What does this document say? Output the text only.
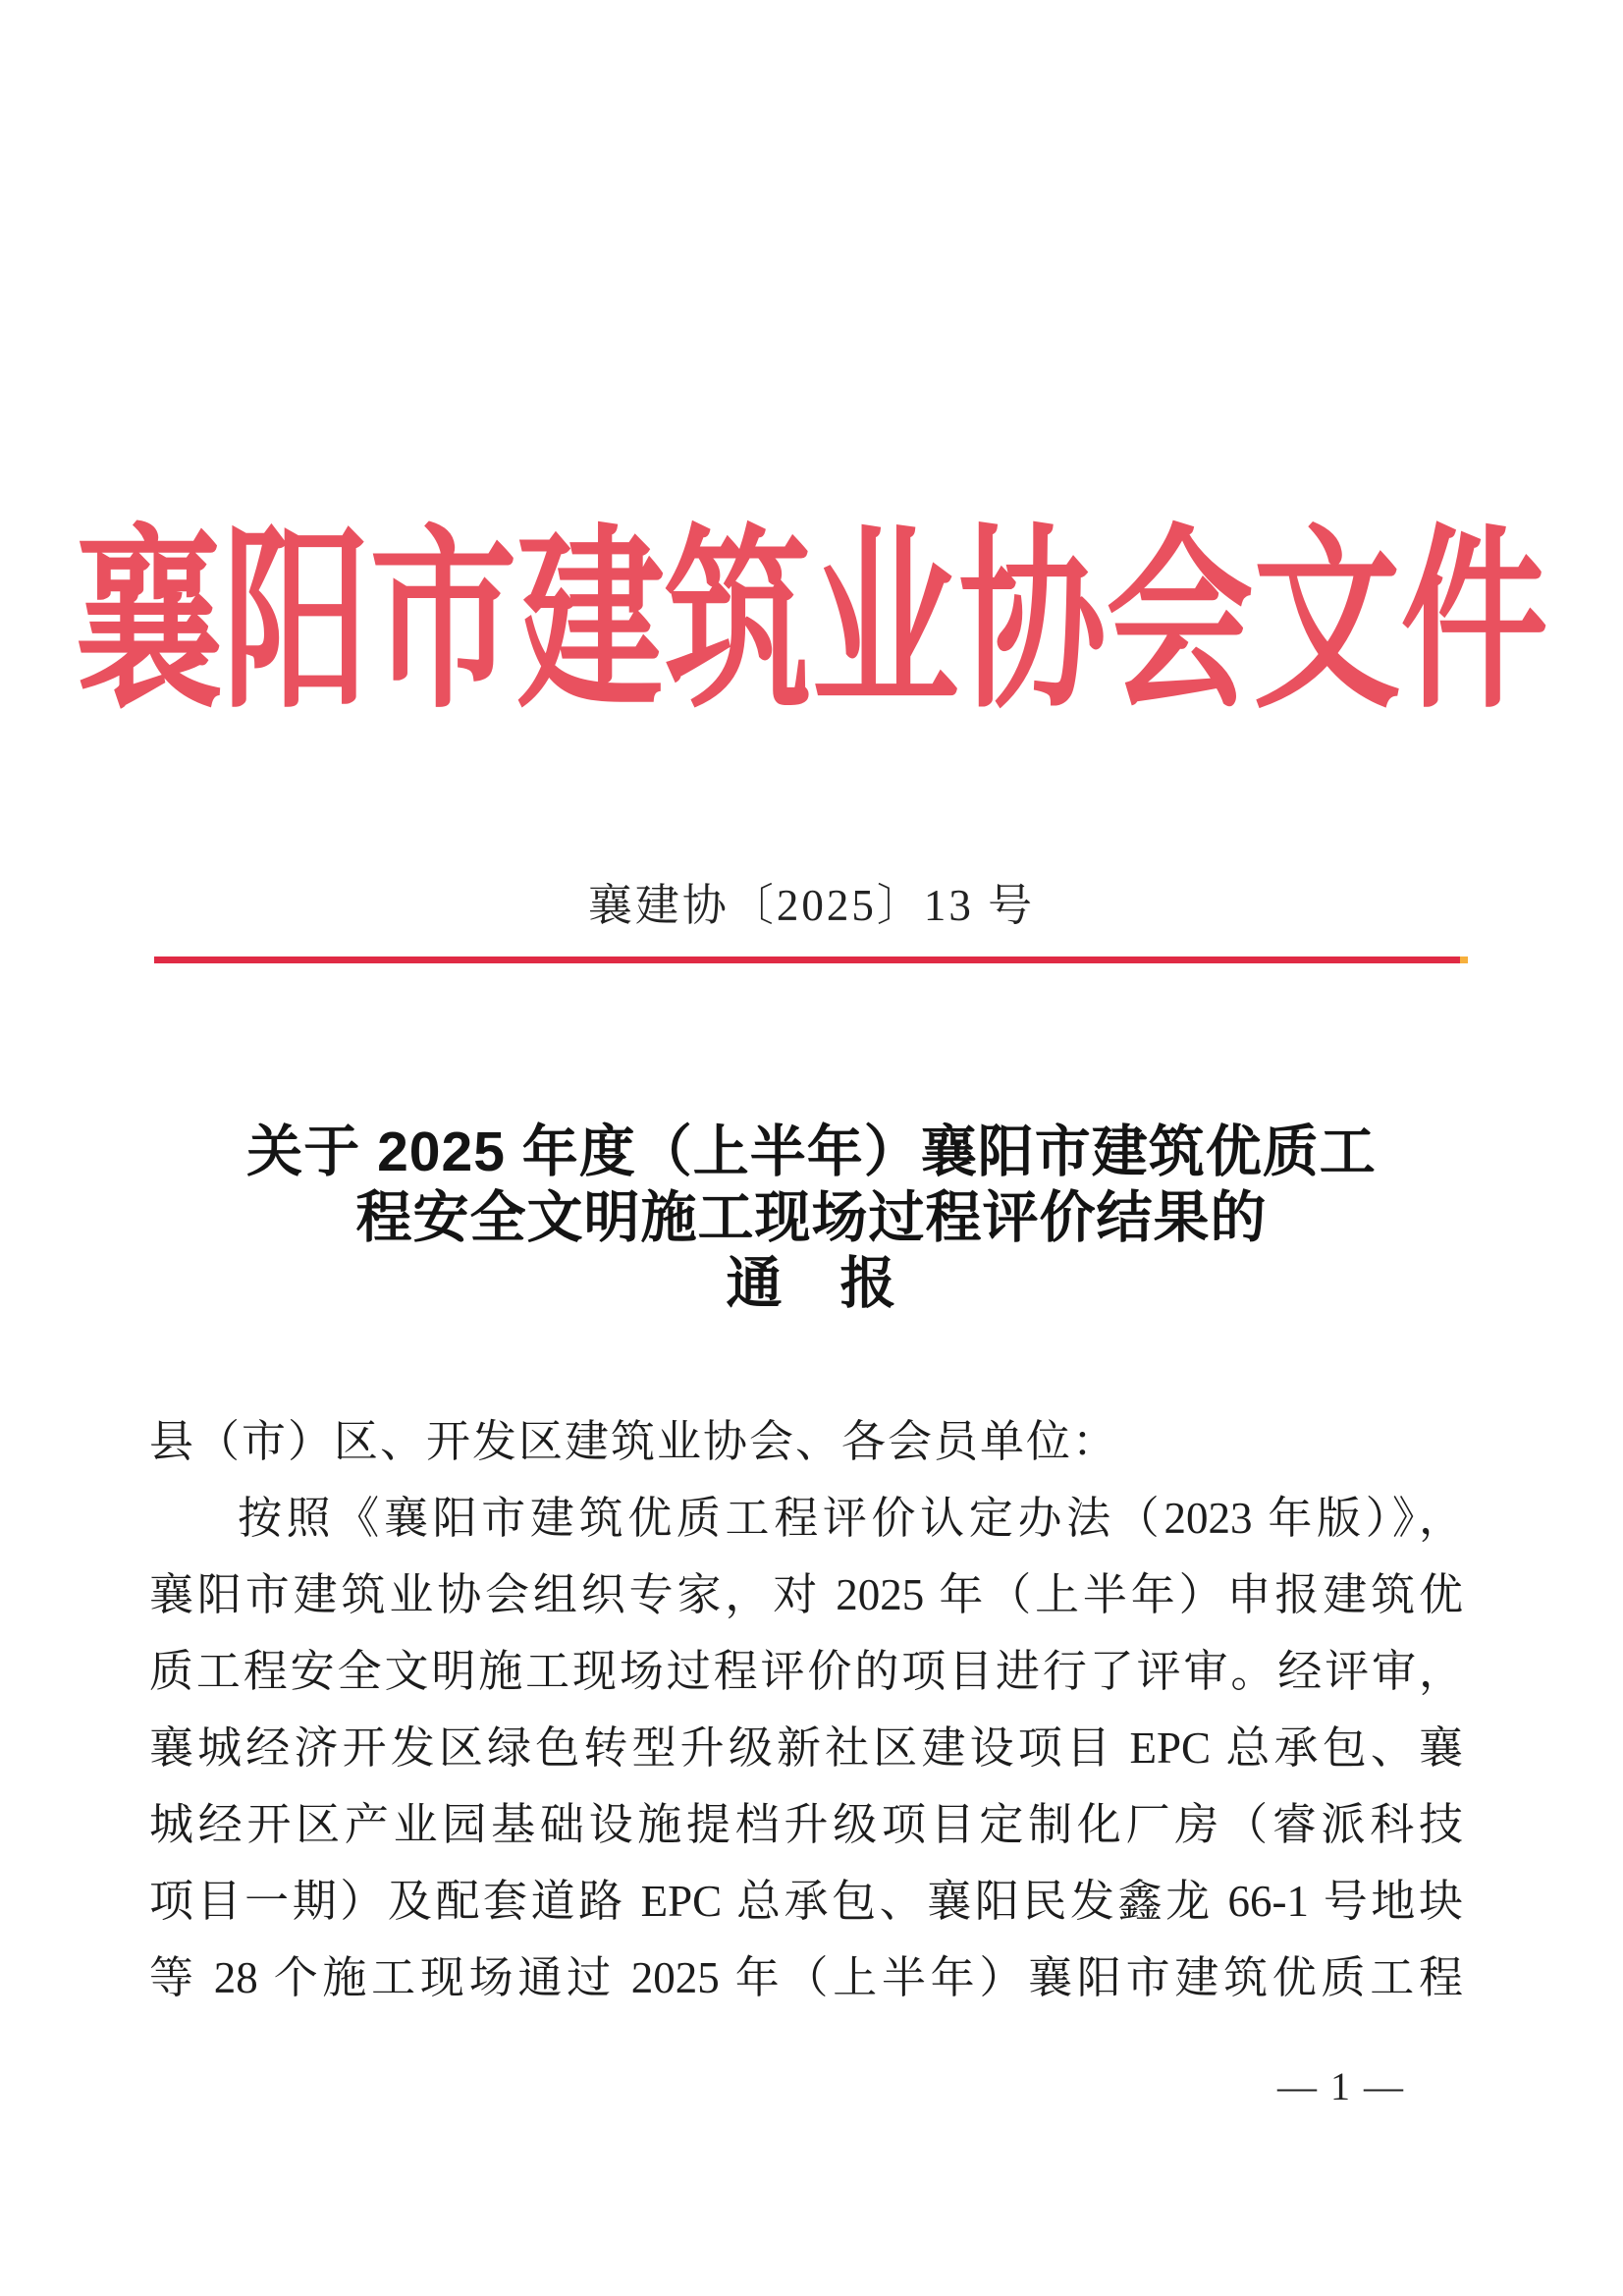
襄阳市建筑业协会文件
襄建协〔2025〕13 号
关于 2025 年度（上半年）襄阳市建筑优质工
程安全文明施工现场过程评价结果的
通　报
县（市）区、开发区建筑业协会、各会员单位：
按照《襄阳市建筑优质工程评价认定办法（2023 年版）》，
襄阳市建筑业协会组织专家，对 2025 年（上半年）申报建筑优
质工程安全文明施工现场过程评价的项目进行了评审。经评审，
襄城经济开发区绿色转型升级新社区建设项目 EPC 总承包、襄
城经开区产业园基础设施提档升级项目定制化厂房（睿派科技
项目一期）及配套道路 EPC 总承包、襄阳民发鑫龙 66-1 号地块
等 28 个施工现场通过 2025 年（上半年）襄阳市建筑优质工程
— 1 —
